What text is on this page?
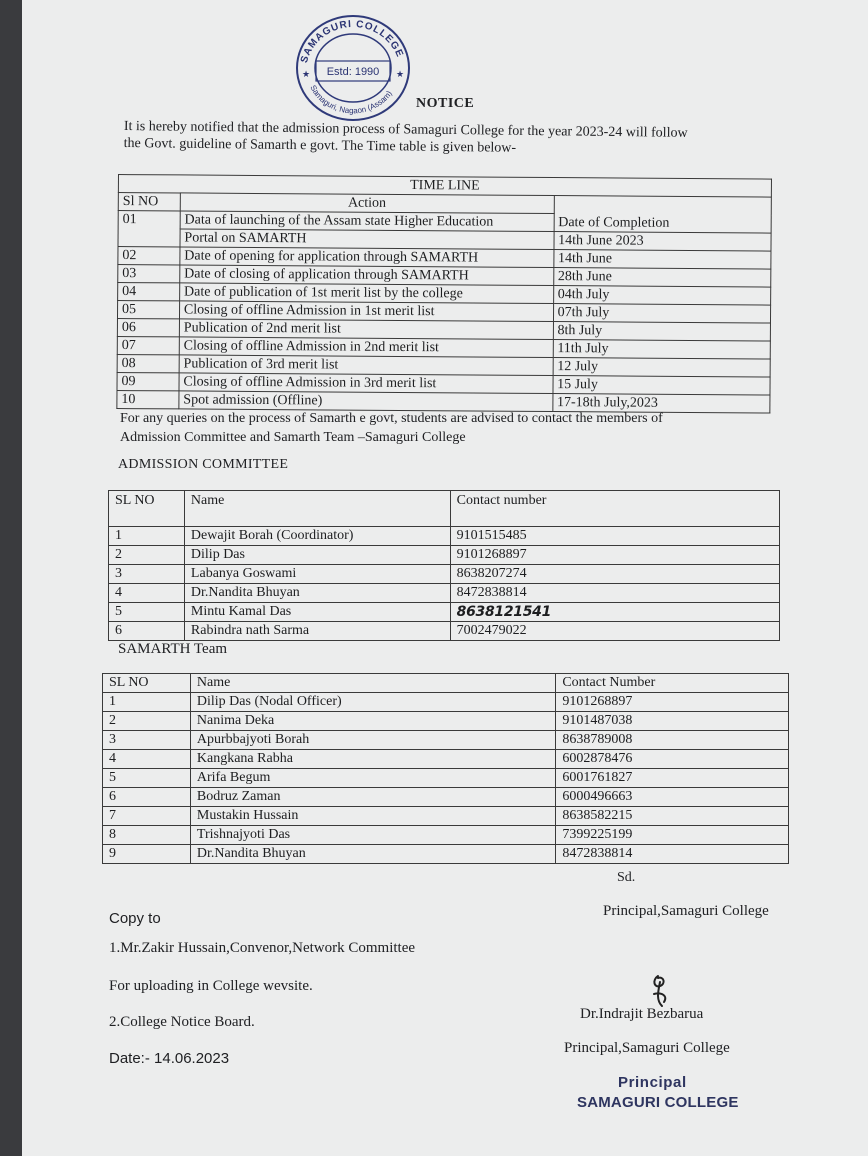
SAMAGURI COLLEGE
Samaguri, Nagaon (Assam)
★	★
Estd: 1990
NOTICE
It is hereby notified that the admission process of Samaguri College for the year 2023-24 will follow
the Govt. guideline of Samarth e govt. The Time table is given below-
TIME LINE		
Sl NO	Action	Date of Completion
01	Data of launching of the Assam state Higher Education	
	Portal on SAMARTH	14th June 2023
02	Date of opening for application through SAMARTH	14th June
03	Date of closing of application through SAMARTH	28th June
04	Date of publication of 1st merit list by the college	04th July
05	Closing of offline Admission in 1st merit list	07th July
06	Publication of 2nd merit list	8th July
07	Closing of offline Admission in 2nd merit list	11th July
08	Publication of 3rd merit list	12 July
09	Closing of offline Admission in 3rd merit list	15 July
10	Spot admission (Offline)	17-18th July,2023
For any queries on the process of Samarth e govt, students are advised to contact the members of
Admission Committee and Samarth Team –Samaguri College
ADMISSION COMMITTEE
SL NO	Name	Contact number
1	Dewajit Borah (Coordinator)	9101515485
2	Dilip Das	9101268897
3	Labanya Goswami	8638207274
4	Dr.Nandita Bhuyan	8472838814
5	Mintu Kamal Das	8638121541
6	Rabindra nath Sarma	7002479022
SAMARTH Team
SL NO	Name	Contact Number
1	Dilip Das (Nodal Officer)	9101268897
2	Nanima Deka	9101487038
3	Apurbbajyoti Borah	8638789008
4	Kangkana Rabha	6002878476
5	Arifa Begum	6001761827
6	Bodruz Zaman	6000496663
7	Mustakin Hussain	8638582215
8	Trishnajyoti Das	7399225199
9	Dr.Nandita Bhuyan	8472838814
Sd.
Principal,Samaguri College
Copy to
1.Mr.Zakir Hussain,Convenor,Network Committee
For uploading in College wevsite.
2.College Notice Board.
Date:- 14.06.2023
Dr.Indrajit Bezbarua
Principal,Samaguri College
Principal
SAMAGURI COLLEGE
